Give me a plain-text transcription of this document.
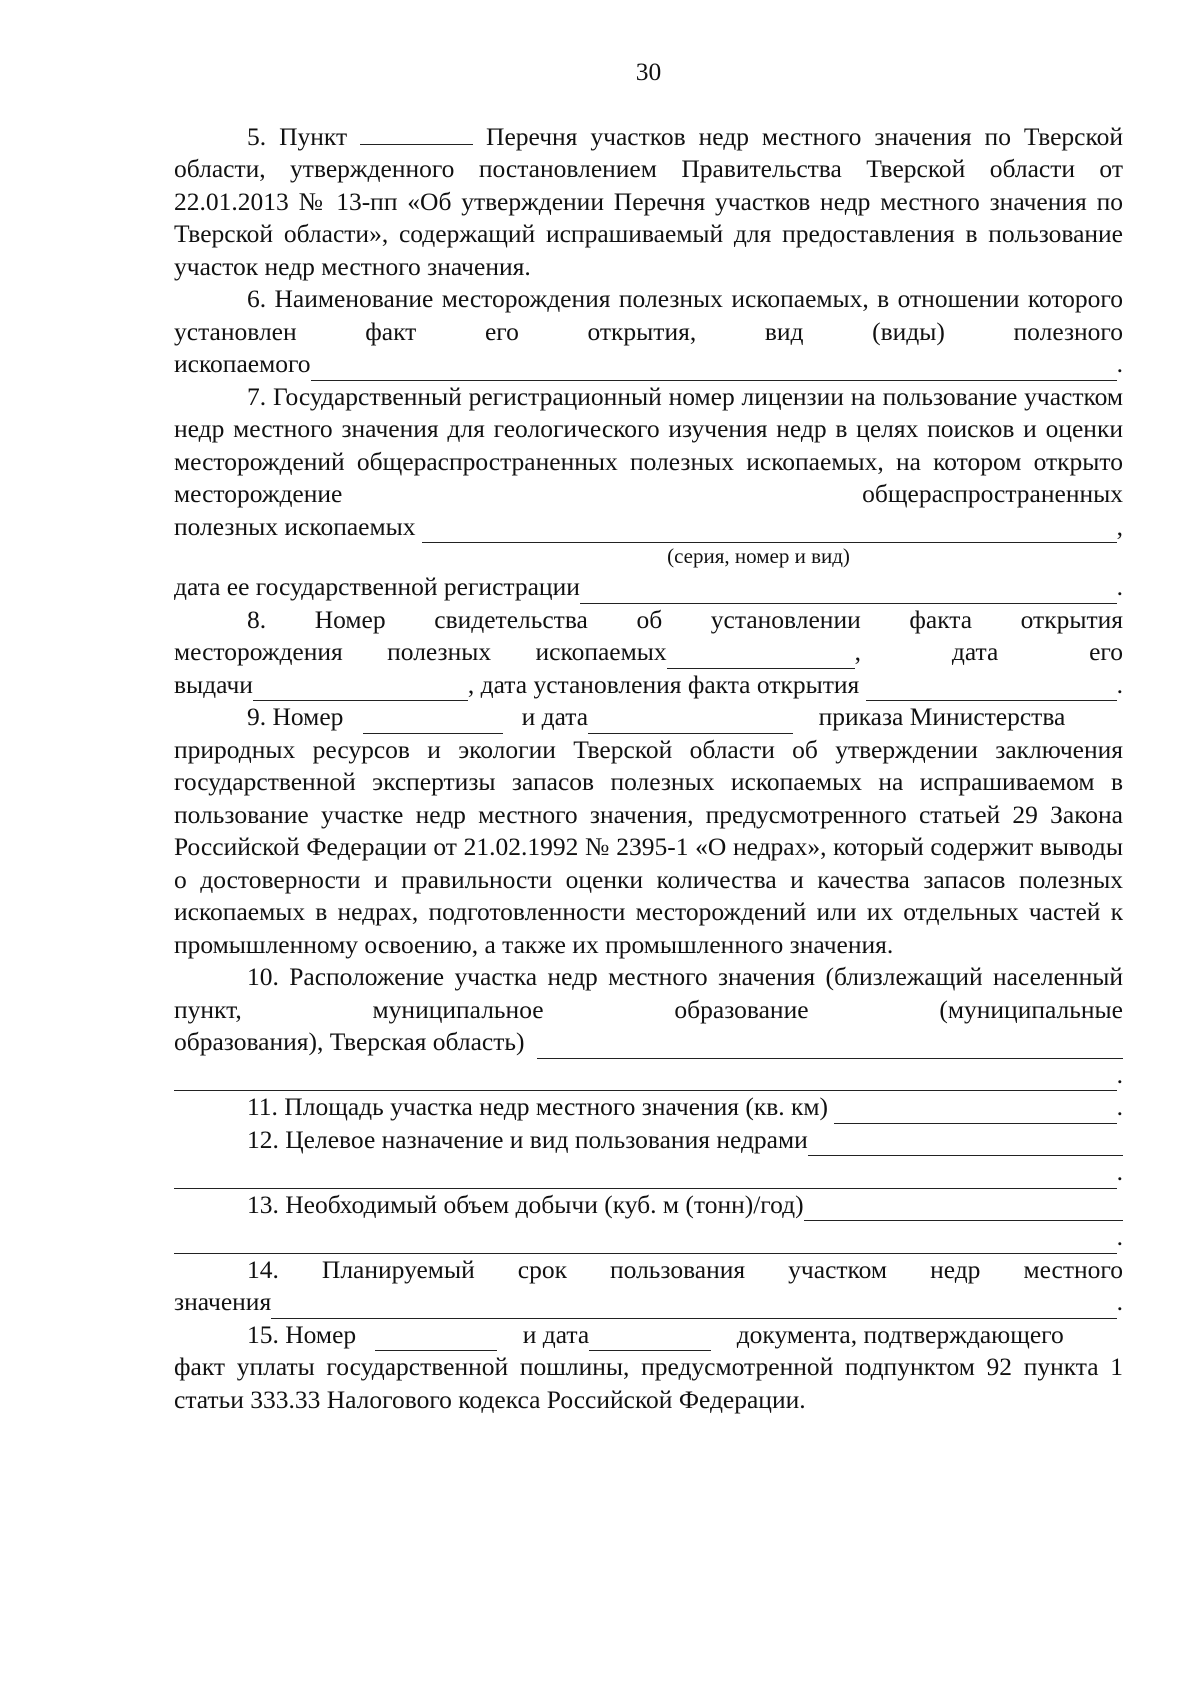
30

5. Пункт	Перечня участков недр местного значения по Тверской области, утвержденного постановлением Правительства Тверской области от 22.01.2013 № 13-пп «Об утверждении Перечня участков недр местного значения по Тверской области», содержащий испрашиваемый для предоставления в пользование участок недр местного значения.

6. Наименование месторождения полезных ископаемых, в отношении которого установлен факт его открытия, вид (виды) полезного

ископаемого	.

7. Государственный регистрационный номер лицензии на пользование участком недр местного значения для геологического изучения недр в целях поисков и оценки месторождений общераспространенных полезных ископаемых, на котором открыто месторождение общераспространенных

полезных ископаемых
	,
(серия, номер и вид)
дата ее государственной регистрации	.

8. Номер свидетельства об установлении факта открытия

месторождения полезных ископаемых	,	дата	его
выдачи	, дата установления факта открытия
	.
9. Номер

	и дата
	приказа Министерства

природных ресурсов и экологии Тверской области об утверждении заключения государственной экспертизы запасов полезных ископаемых на испрашиваемом в пользование участке недр местного значения, предусмотренного статьей 29 Закона Российской Федерации от 21.02.1992 № 2395-1 «О недрах», который содержит выводы о достоверности и правильности оценки количества и качества запасов полезных ископаемых в недрах, подготовленности месторождений или их отдельных частей к промышленному освоению, а также их промышленного значения.

10. Расположение участка недр местного значения (близлежащий населенный пункт, муниципальное образование (муниципальные

образования), Тверская область)

.
11. Площадь участка недр местного значения (кв. км)
	.
12. Целевое назначение и вид пользования недрами
.
13. Необходимый объем добычи (куб. м (тонн)/год)
.

14. Планируемый срок пользования участком недр местного

значения	.
15. Номер

	и дата
	документа, подтверждающего

факт уплаты государственной пошлины, предусмотренной подпунктом 92 пункта 1 статьи 333.33 Налогового кодекса Российской Федерации.
